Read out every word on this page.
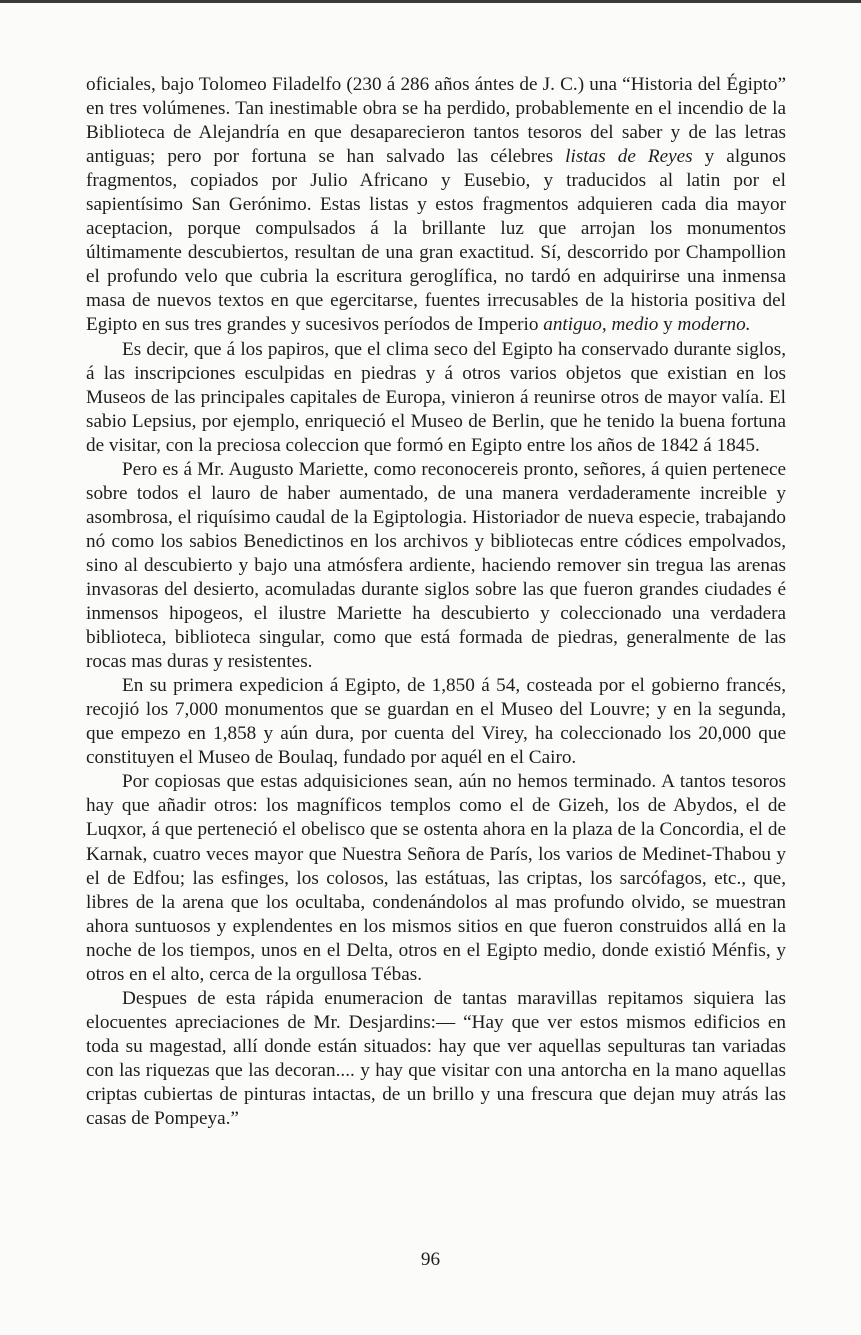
oficiales, bajo Tolomeo Filadelfo (230 á 286 años ántes de J. C.) una “Historia del Égipto” en tres volúmenes. Tan inestimable obra se ha perdido, probablemente en el incendio de la Biblioteca de Alejandría en que desaparecieron tantos tesoros del saber y de las letras antiguas; pero por fortuna se han salvado las célebres listas de Reyes y algunos fragmentos, copiados por Julio Africano y Eusebio, y traducidos al latin por el sapientísimo San Gerónimo. Estas listas y estos fragmentos adquieren cada dia mayor aceptacion, porque compulsados á la brillante luz que arrojan los monumentos últimamente descubiertos, resultan de una gran exactitud. Sí, descorrido por Champollion el profundo velo que cubria la escritura geroglífica, no tardó en adquirirse una inmensa masa de nuevos textos en que egercitarse, fuentes irrecusables de la historia positiva del Egipto en sus tres grandes y sucesivos períodos de Imperio antiguo, medio y moderno.

Es decir, que á los papiros, que el clima seco del Egipto ha conservado durante siglos, á las inscripciones esculpidas en piedras y á otros varios objetos que existian en los Museos de las principales capitales de Europa, vinieron á reunirse otros de mayor valía. El sabio Lepsius, por ejemplo, enriqueció el Museo de Berlin, que he tenido la buena fortuna de visitar, con la preciosa coleccion que formó en Egipto entre los años de 1842 á 1845.

Pero es á Mr. Augusto Mariette, como reconocereis pronto, señores, á quien pertenece sobre todos el lauro de haber aumentado, de una manera verdaderamente increible y asombrosa, el riquísimo caudal de la Egiptologia. Historiador de nueva especie, trabajando nó como los sabios Benedictinos en los archivos y bibliotecas entre códices empolvados, sino al descubierto y bajo una atmósfera ardiente, haciendo remover sin tregua las arenas invasoras del desierto, acomuladas durante siglos sobre las que fueron grandes ciudades é inmensos hipogeos, el ilustre Mariette ha descubierto y coleccionado una verdadera biblioteca, biblioteca singular, como que está formada de piedras, generalmente de las rocas mas duras y resistentes.

En su primera expedicion á Egipto, de 1,850 á 54, costeada por el gobierno francés, recojió los 7,000 monumentos que se guardan en el Museo del Louvre; y en la segunda, que empezo en 1,858 y aún dura, por cuenta del Virey, ha coleccionado los 20,000 que constituyen el Museo de Boulaq, fundado por aquél en el Cairo.

Por copiosas que estas adquisiciones sean, aún no hemos terminado. A tantos tesoros hay que añadir otros: los magníficos templos como el de Gizeh, los de Abydos, el de Luqxor, á que perteneció el obelisco que se ostenta ahora en la plaza de la Concordia, el de Karnak, cuatro veces mayor que Nuestra Señora de París, los varios de Medinet-Thabou y el de Edfou; las esfinges, los colosos, las estátuas, las criptas, los sarcófagos, etc., que, libres de la arena que los ocultaba, condenándolos al mas profundo olvido, se muestran ahora suntuosos y explendentes en los mismos sitios en que fueron construidos allá en la noche de los tiempos, unos en el Delta, otros en el Egipto medio, donde existió Ménfis, y otros en el alto, cerca de la orgullosa Tébas.

Despues de esta rápida enumeracion de tantas maravillas repitamos siquiera las elocuentes apreciaciones de Mr. Desjardins:— “Hay que ver estos mismos edificios en toda su magestad, allí donde están situados: hay que ver aquellas sepulturas tan variadas con las riquezas que las decoran.... y hay que visitar con una antorcha en la mano aquellas criptas cubiertas de pinturas intactas, de un brillo y una frescura que dejan muy atrás las casas de Pompeya.”

96
